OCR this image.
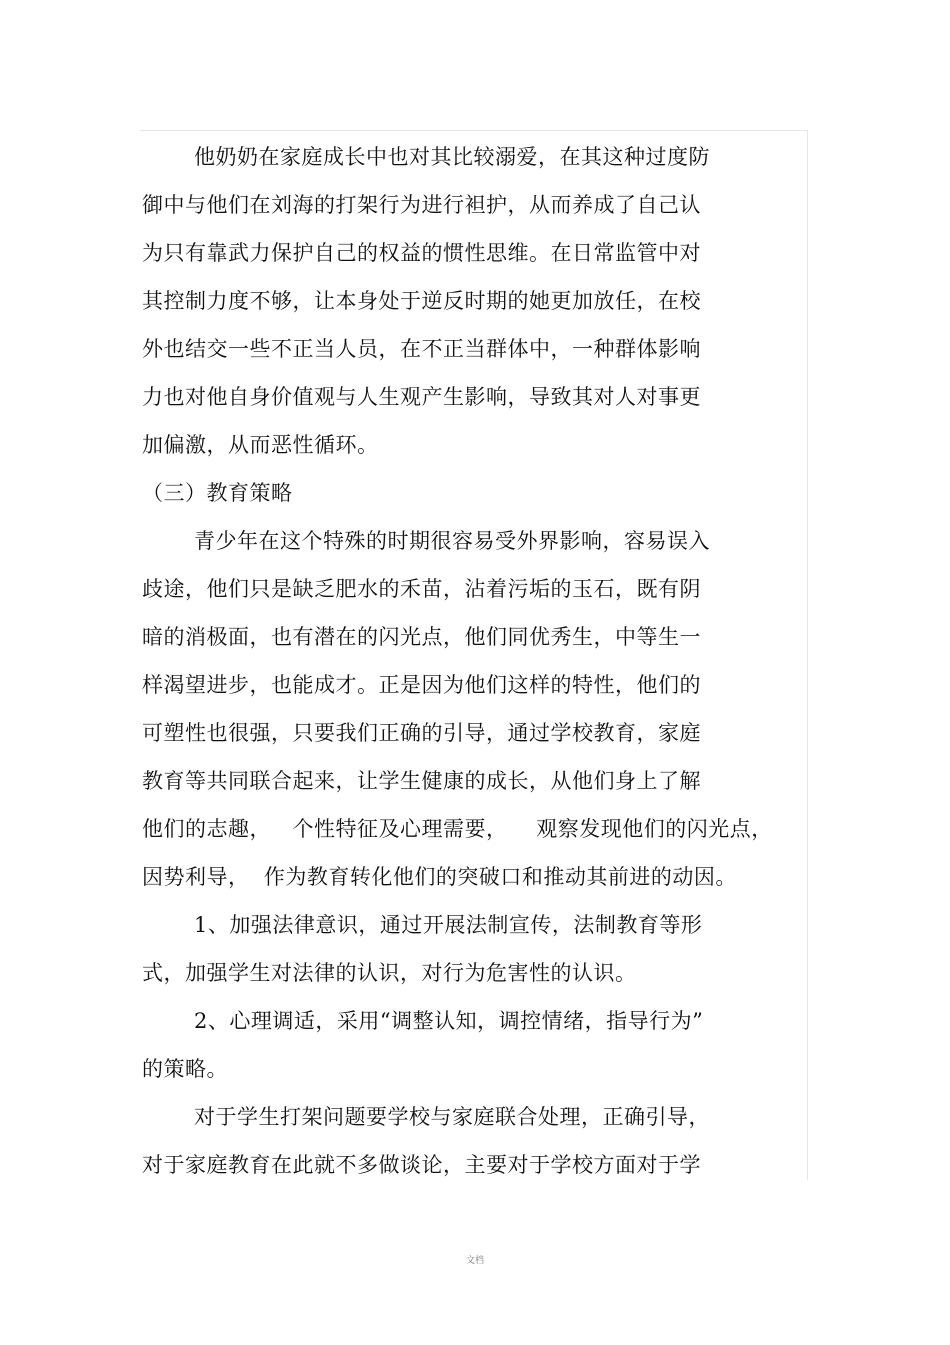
他奶奶在家庭成长中也对其比较溺爱，在其这种过度防
御中与他们在刘海的打架行为进行袒护，从而养成了自己认
为只有靠武力保护自己的权益的惯性思维。在日常监管中对
其控制力度不够，让本身处于逆反时期的她更加放任，在校
外也结交一些不正当人员，在不正当群体中，一种群体影响
力也对他自身价值观与人生观产生影响，导致其对人对事更
加偏激，从而恶性循环。
（三）教育策略
青少年在这个特殊的时期很容易受外界影响，容易误入
歧途，他们只是缺乏肥水的禾苗，沾着污垢的玉石，既有阴
暗的消极面，也有潜在的闪光点，他们同优秀生，中等生一
样渴望进步，也能成才。正是因为他们这样的特性，他们的
可塑性也很强，只要我们正确的引导，通过学校教育，家庭
教育等共同联合起来，让学生健康的成长，从他们身上了解
他们的志趣，   个性特征及心理需要，    观察发现他们的闪光点，
因势利导，  作为教育转化他们的突破口和推动其前进的动因。
1、加强法律意识，通过开展法制宣传，法制教育等形
式，加强学生对法律的认识，对行为危害性的认识。
2、心理调适，采用“调整认知，调控情绪，指导行为”
的策略。
对于学生打架问题要学校与家庭联合处理，正确引导，
对于家庭教育在此就不多做谈论，主要对于学校方面对于学
文档
